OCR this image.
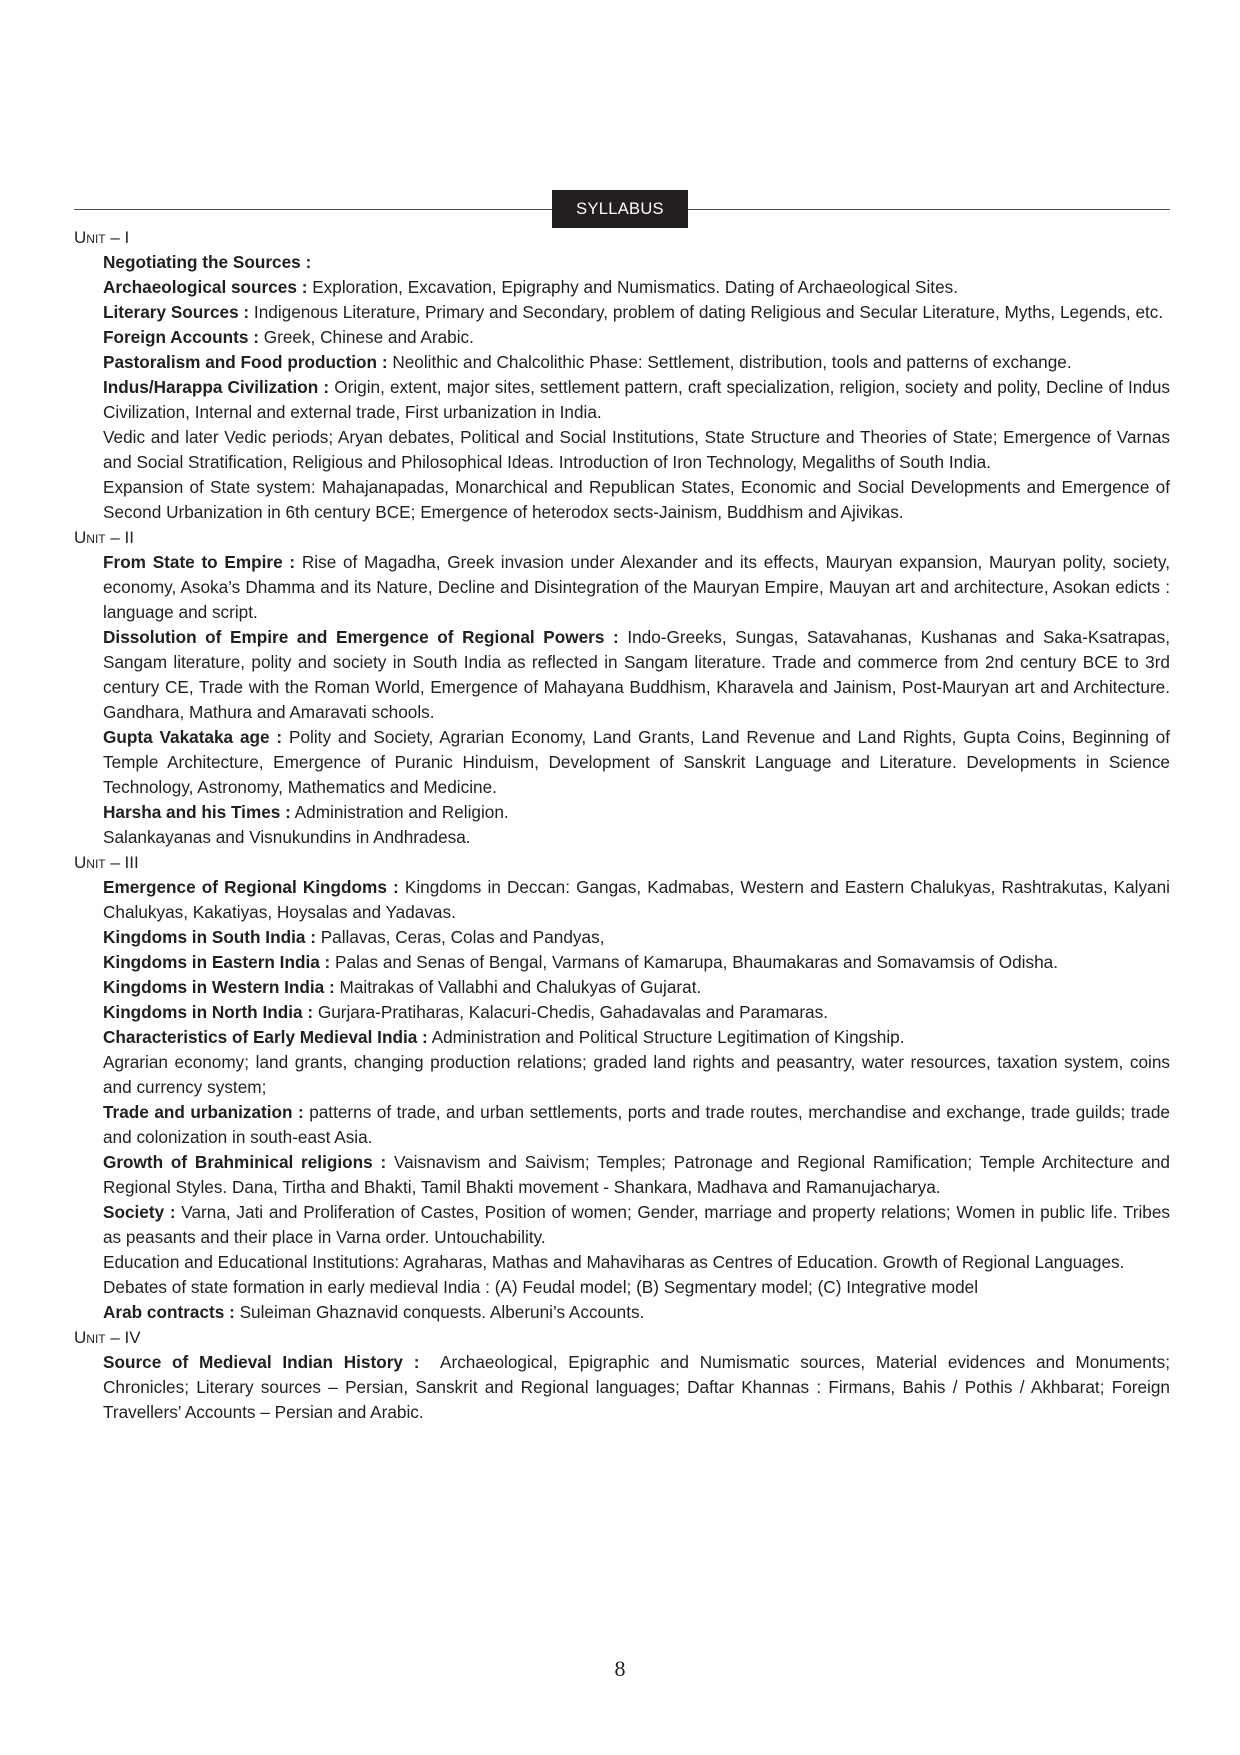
SYLLABUS
Unit – I
Negotiating the Sources :
Archaeological sources : Exploration, Excavation, Epigraphy and Numismatics. Dating of Archaeological Sites.
Literary Sources : Indigenous Literature, Primary and Secondary, problem of dating Religious and Secular Literature, Myths, Legends, etc.
Foreign Accounts : Greek, Chinese and Arabic.
Pastoralism and Food production : Neolithic and Chalcolithic Phase: Settlement, distribution, tools and patterns of exchange.
Indus/Harappa Civilization : Origin, extent, major sites, settlement pattern, craft specialization, religion, society and polity, Decline of Indus Civilization, Internal and external trade, First urbanization in India.
Vedic and later Vedic periods; Aryan debates, Political and Social Institutions, State Structure and Theories of State; Emergence of Varnas and Social Stratification, Religious and Philosophical Ideas. Introduction of Iron Technology, Megaliths of South India.
Expansion of State system: Mahajanapadas, Monarchical and Republican States, Economic and Social Developments and Emergence of Second Urbanization in 6th century BCE; Emergence of heterodox sects-Jainism, Buddhism and Ajivikas.
Unit – II
From State to Empire : Rise of Magadha, Greek invasion under Alexander and its effects, Mauryan expansion, Mauryan polity, society, economy, Asoka’s Dhamma and its Nature, Decline and Disintegration of the Mauryan Empire, Mauyan art and architecture, Asokan edicts : language and script.
Dissolution of Empire and Emergence of Regional Powers : Indo-Greeks, Sungas, Satavahanas, Kushanas and Saka-Ksatrapas, Sangam literature, polity and society in South India as reflected in Sangam literature. Trade and commerce from 2nd century BCE to 3rd century CE, Trade with the Roman World, Emergence of Mahayana Buddhism, Kharavela and Jainism, Post-Mauryan art and Architecture. Gandhara, Mathura and Amaravati schools.
Gupta Vakataka age : Polity and Society, Agrarian Economy, Land Grants, Land Revenue and Land Rights, Gupta Coins, Beginning of Temple Architecture, Emergence of Puranic Hinduism, Development of Sanskrit Language and Literature. Developments in Science Technology, Astronomy, Mathematics and Medicine.
Harsha and his Times : Administration and Religion.
Salankayanas and Visnukundins in Andhradesa.
Unit – III
Emergence of Regional Kingdoms : Kingdoms in Deccan: Gangas, Kadmabas, Western and Eastern Chalukyas, Rashtrakutas, Kalyani Chalukyas, Kakatiyas, Hoysalas and Yadavas.
Kingdoms in South India : Pallavas, Ceras, Colas and Pandyas,
Kingdoms in Eastern India : Palas and Senas of Bengal, Varmans of Kamarupa, Bhaumakaras and Somavamsis of Odisha.
Kingdoms in Western India : Maitrakas of Vallabhi and Chalukyas of Gujarat.
Kingdoms in North India : Gurjara-Pratiharas, Kalacuri-Chedis, Gahadavalas and Paramaras.
Characteristics of Early Medieval India : Administration and Political Structure Legitimation of Kingship.
Agrarian economy; land grants, changing production relations; graded land rights and peasantry, water resources, taxation system, coins and currency system;
Trade and urbanization : patterns of trade, and urban settlements, ports and trade routes, merchandise and exchange, trade guilds; trade and colonization in south-east Asia.
Growth of Brahminical religions : Vaisnavism and Saivism; Temples; Patronage and Regional Ramification; Temple Architecture and Regional Styles. Dana, Tirtha and Bhakti, Tamil Bhakti movement - Shankara, Madhava and Ramanujacharya.
Society : Varna, Jati and Proliferation of Castes, Position of women; Gender, marriage and property relations; Women in public life. Tribes as peasants and their place in Varna order. Untouchability.
Education and Educational Institutions: Agraharas, Mathas and Mahaviharas as Centres of Education. Growth of Regional Languages.
Debates of state formation in early medieval India : (A) Feudal model; (B) Segmentary model; (C) Integrative model
Arab contracts : Suleiman Ghaznavid conquests. Alberuni’s Accounts.
Unit – IV
Source of Medieval Indian History :  Archaeological, Epigraphic and Numismatic sources, Material evidences and Monuments; Chronicles; Literary sources – Persian, Sanskrit and Regional languages; Daftar Khannas : Firmans, Bahis / Pothis / Akhbarat; Foreign Travellers’ Accounts – Persian and Arabic.
8
